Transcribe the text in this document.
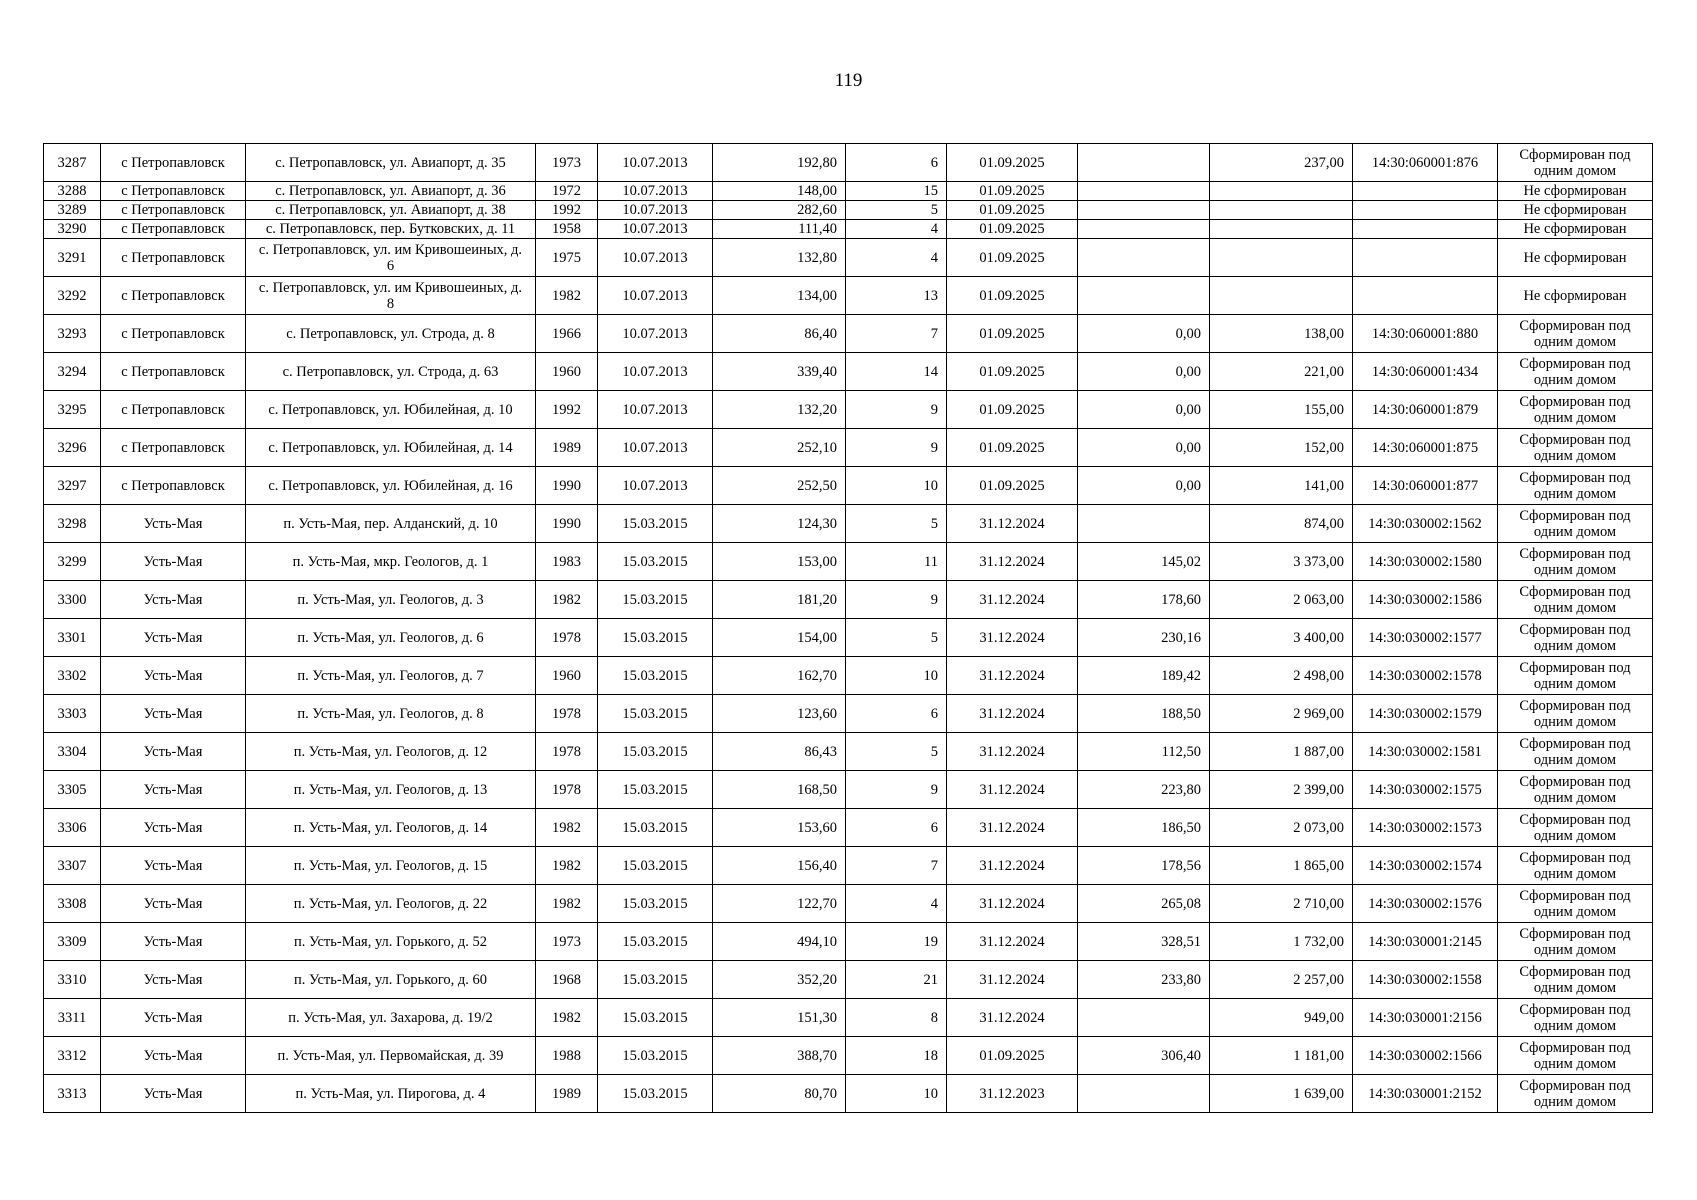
119
3287	с Петропавловск	с. Петропавловск, ул. Авиапорт, д. 35	1973	10.07.2013	192,80	6	01.09.2025		237,00	14:30:060001:876	Сформирован под одним домом
3288	с Петропавловск	с. Петропавловск, ул. Авиапорт, д. 36	1972	10.07.2013	148,00	15	01.09.2025				Не сформирован
3289	с Петропавловск	с. Петропавловск, ул. Авиапорт, д. 38	1992	10.07.2013	282,60	5	01.09.2025				Не сформирован
3290	с Петропавловск	с. Петропавловск, пер. Бутковских, д. 11	1958	10.07.2013	111,40	4	01.09.2025				Не сформирован
3291	с Петропавловск	с. Петропавловск, ул. им Кривошеиных, д. 6	1975	10.07.2013	132,80	4	01.09.2025				Не сформирован
3292	с Петропавловск	с. Петропавловск, ул. им Кривошеиных, д. 8	1982	10.07.2013	134,00	13	01.09.2025				Не сформирован
3293	с Петропавловск	с. Петропавловск, ул. Строда, д. 8	1966	10.07.2013	86,40	7	01.09.2025	0,00	138,00	14:30:060001:880	Сформирован под одним домом
3294	с Петропавловск	с. Петропавловск, ул. Строда, д. 63	1960	10.07.2013	339,40	14	01.09.2025	0,00	221,00	14:30:060001:434	Сформирован под одним домом
3295	с Петропавловск	с. Петропавловск, ул. Юбилейная, д. 10	1992	10.07.2013	132,20	9	01.09.2025	0,00	155,00	14:30:060001:879	Сформирован под одним домом
3296	с Петропавловск	с. Петропавловск, ул. Юбилейная, д. 14	1989	10.07.2013	252,10	9	01.09.2025	0,00	152,00	14:30:060001:875	Сформирован под одним домом
3297	с Петропавловск	с. Петропавловск, ул. Юбилейная, д. 16	1990	10.07.2013	252,50	10	01.09.2025	0,00	141,00	14:30:060001:877	Сформирован под одним домом
3298	Усть-Мая	п. Усть-Мая, пер. Алданский, д. 10	1990	15.03.2015	124,30	5	31.12.2024		874,00	14:30:030002:1562	Сформирован под одним домом
3299	Усть-Мая	п. Усть-Мая, мкр. Геологов, д. 1	1983	15.03.2015	153,00	11	31.12.2024	145,02	3 373,00	14:30:030002:1580	Сформирован под одним домом
3300	Усть-Мая	п. Усть-Мая, ул. Геологов, д. 3	1982	15.03.2015	181,20	9	31.12.2024	178,60	2 063,00	14:30:030002:1586	Сформирован под одним домом
3301	Усть-Мая	п. Усть-Мая, ул. Геологов, д. 6	1978	15.03.2015	154,00	5	31.12.2024	230,16	3 400,00	14:30:030002:1577	Сформирован под одним домом
3302	Усть-Мая	п. Усть-Мая, ул. Геологов, д. 7	1960	15.03.2015	162,70	10	31.12.2024	189,42	2 498,00	14:30:030002:1578	Сформирован под одним домом
3303	Усть-Мая	п. Усть-Мая, ул. Геологов, д. 8	1978	15.03.2015	123,60	6	31.12.2024	188,50	2 969,00	14:30:030002:1579	Сформирован под одним домом
3304	Усть-Мая	п. Усть-Мая, ул. Геологов, д. 12	1978	15.03.2015	86,43	5	31.12.2024	112,50	1 887,00	14:30:030002:1581	Сформирован под одним домом
3305	Усть-Мая	п. Усть-Мая, ул. Геологов, д. 13	1978	15.03.2015	168,50	9	31.12.2024	223,80	2 399,00	14:30:030002:1575	Сформирован под одним домом
3306	Усть-Мая	п. Усть-Мая, ул. Геологов, д. 14	1982	15.03.2015	153,60	6	31.12.2024	186,50	2 073,00	14:30:030002:1573	Сформирован под одним домом
3307	Усть-Мая	п. Усть-Мая, ул. Геологов, д. 15	1982	15.03.2015	156,40	7	31.12.2024	178,56	1 865,00	14:30:030002:1574	Сформирован под одним домом
3308	Усть-Мая	п. Усть-Мая, ул. Геологов, д. 22	1982	15.03.2015	122,70	4	31.12.2024	265,08	2 710,00	14:30:030002:1576	Сформирован под одним домом
3309	Усть-Мая	п. Усть-Мая, ул. Горького, д. 52	1973	15.03.2015	494,10	19	31.12.2024	328,51	1 732,00	14:30:030001:2145	Сформирован под одним домом
3310	Усть-Мая	п. Усть-Мая, ул. Горького, д. 60	1968	15.03.2015	352,20	21	31.12.2024	233,80	2 257,00	14:30:030002:1558	Сформирован под одним домом
3311	Усть-Мая	п. Усть-Мая, ул. Захарова, д. 19/2	1982	15.03.2015	151,30	8	31.12.2024		949,00	14:30:030001:2156	Сформирован под одним домом
3312	Усть-Мая	п. Усть-Мая, ул. Первомайская, д. 39	1988	15.03.2015	388,70	18	01.09.2025	306,40	1 181,00	14:30:030002:1566	Сформирован под одним домом
3313	Усть-Мая	п. Усть-Мая, ул. Пирогова, д. 4	1989	15.03.2015	80,70	10	31.12.2023		1 639,00	14:30:030001:2152	Сформирован под одним домом
